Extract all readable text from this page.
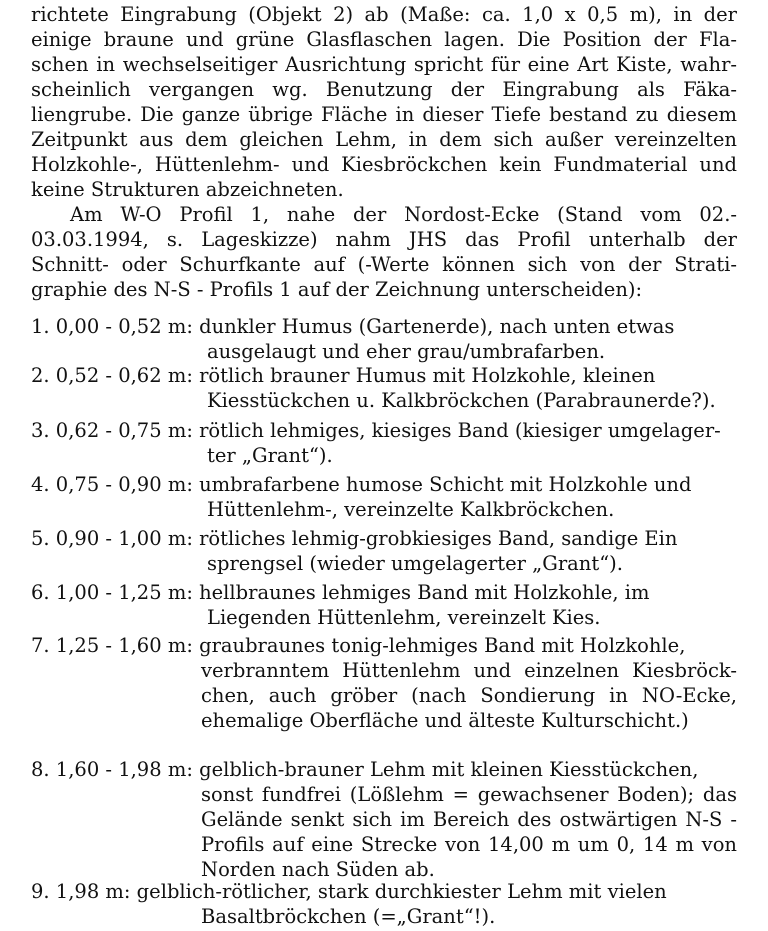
richtete Eingrabung (Objekt 2) ab (Maße: ca. 1,0 x 0,5 m), in der
einige braune und grüne Glasflaschen lagen. Die Position der Fla-
schen in wechselseitiger Ausrichtung spricht für eine Art Kiste, wahr-
scheinlich vergangen wg. Benutzung der Eingrabung als Fäka-
liengrube. Die ganze übrige Fläche in dieser Tiefe bestand zu diesem
Zeitpunkt aus dem gleichen Lehm, in dem sich außer vereinzelten
Holzkohle-, Hüttenlehm- und Kiesbröckchen kein Fundmaterial und
keine Strukturen abzeichneten.
Am W-O Profil 1, nahe der Nordost-Ecke (Stand vom 02.-
03.03.1994, s. Lageskizze) nahm JHS das Profil unterhalb der
Schnitt- oder Schurfkante auf (-Werte können sich von der Strati-
graphie des N-S - Profils 1 auf der Zeichnung unterscheiden):
1. 0,00 - 0,52 m: dunkler Humus (Gartenerde), nach unten etwas
ausgelaugt und eher grau/umbrafarben.
2. 0,52 - 0,62 m: rötlich brauner Humus mit Holzkohle, kleinen
Kiesstückchen u. Kalkbröckchen (Parabraunerde?).
3. 0,62 - 0,75 m: rötlich lehmiges, kiesiges Band (kiesiger umgelager-
ter „Grant“).
4. 0,75 - 0,90 m: umbrafarbene humose Schicht mit Holzkohle und
Hüttenlehm-, vereinzelte Kalkbröckchen.
5. 0,90 - 1,00 m: rötliches lehmig-grobkiesiges Band, sandige Ein
sprengsel (wieder umgelagerter „Grant“).
6. 1,00 - 1,25 m: hellbraunes lehmiges Band mit Holzkohle, im
Liegenden Hüttenlehm, vereinzelt Kies.
7. 1,25 - 1,60 m: graubraunes tonig-lehmiges Band mit Holzkohle,
verbranntem Hüttenlehm und einzelnen Kiesbröck-
chen, auch gröber (nach Sondierung in NO-Ecke,
ehemalige Oberfläche und älteste Kulturschicht.)
8. 1,60 - 1,98 m: gelblich-brauner Lehm mit kleinen Kiesstückchen,
sonst fundfrei (Lößlehm = gewachsener Boden); das
Gelände senkt sich im Bereich des ostwärtigen N-S -
Profils auf eine Strecke von 14,00 m um 0, 14 m von
Norden nach Süden ab.
9. 1,98 m: gelblich-rötlicher, stark durchkiester Lehm mit vielen
Basaltbröckchen (=„Grant“!).
